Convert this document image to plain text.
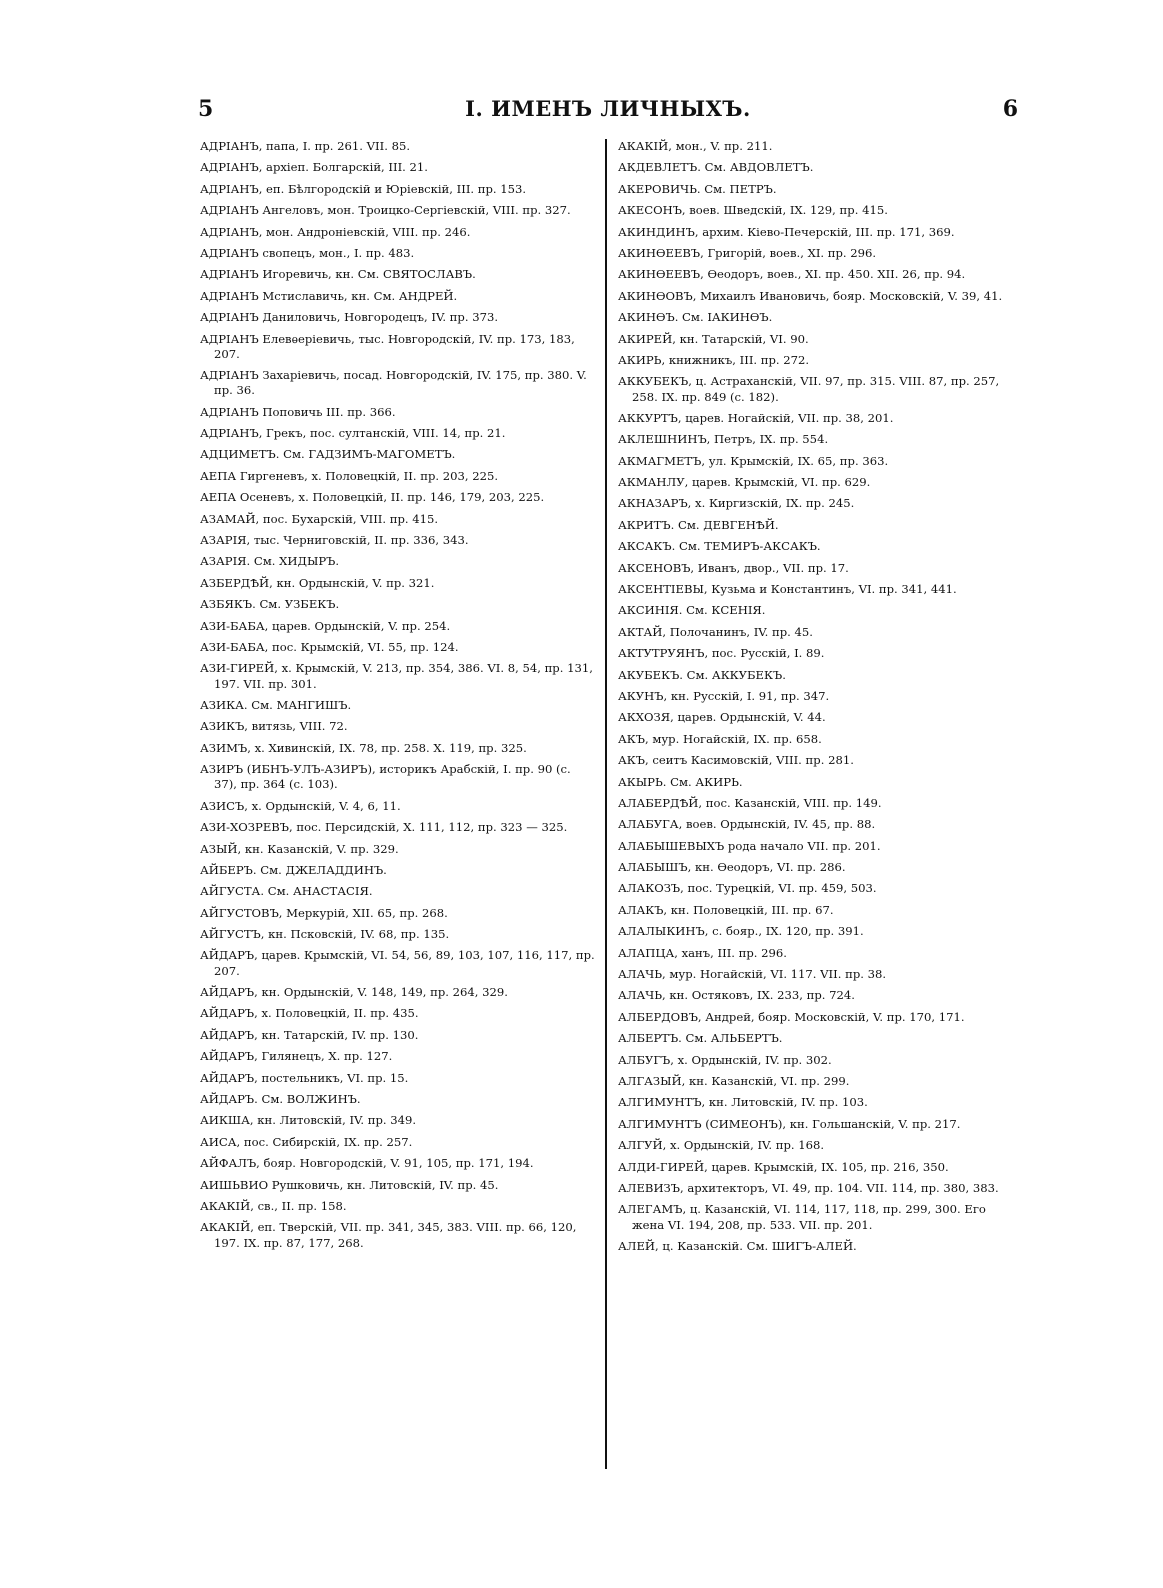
5	I. ИМЕНЪ ЛИЧНЫХЪ.	6

АДРІАНЪ, папа, I. пр. 261. VII. 85.

АДРІАНЪ, архіеп. Болгарскій, III. 21.

АДРІАНЪ, еп. Бѣлгородскій и Юріевскій, III. пр. 153.

АДРІАНЪ Ангеловъ, мон. Троицко-Сергіевскій, VIII. пр. 327.

АДРІАНЪ, мон. Андроніевскій, VIII. пр. 246.

АДРІАНЪ свопецъ, мон., I. пр. 483.

АДРІАНЪ Игоревичь, кн. См. СВЯТОСЛАВЪ.

АДРІАНЪ Мстиславичь, кн. См. АНДРЕЙ.

АДРІАНЪ Даниловичь, Новгородецъ, IV. пр. 373.

АДРІАНЪ Елевѳеріевичь, тыс. Новгородскій, IV. пр. 173, 183, 207.

АДРІАНЪ Захаріевичь, посад. Новгородскій, IV. 175, пр. 380. V. пр. 36.

АДРІАНЪ Поповичь III. пр. 366.

АДРІАНЪ, Грекъ, пос. султанскій, VIII. 14, пр. 21.

АДЦИМЕТЪ. См. ГАДЗИМЪ-МАГОМЕТЪ.

АЕПА Гиргеневъ, х. Половецкій, II. пр. 203, 225.

АЕПА Осеневъ, х. Половецкій, II. пр. 146, 179, 203, 225.

АЗАМАЙ, пос. Бухарскій, VIII. пр. 415.

АЗАРІЯ, тыс. Черниговскій, II. пр. 336, 343.

АЗАРІЯ. См. ХИДЫРЪ.

АЗБЕРДѢЙ, кн. Ордынскій, V. пр. 321.

АЗБЯКЪ. См. УЗБЕКЪ.

АЗИ-БАБА, царев. Ордынскій, V. пр. 254.

АЗИ-БАБА, пос. Крымскій, VI. 55, пр. 124.

АЗИ-ГИРЕЙ, х. Крымскій, V. 213, пр. 354, 386. VI. 8, 54, пр. 131, 197. VII. пр. 301.

АЗИКА. См. МАНГИШЪ.

АЗИКЪ, витязь, VIII. 72.

АЗИМЪ, х. Хивинскій, IX. 78, пр. 258. X. 119, пр. 325.

АЗИРЪ (ИБНЪ-УЛЪ-АЗИРЪ), историкъ Арабскій, I. пр. 90 (с. 37), пр. 364 (с. 103).

АЗИСЪ, х. Ордынскій, V. 4, 6, 11.

АЗИ-ХОЗРЕВЪ, пос. Персидскій, X. 111, 112, пр. 323 — 325.

АЗЫЙ, кн. Казанскій, V. пр. 329.

АЙБЕРЪ. См. ДЖЕЛАДДИНЪ.

АЙГУСТА. См. АНАСТАСІЯ.

АЙГУСТОВЪ, Меркурій, XII. 65, пр. 268.

АЙГУСТЪ, кн. Псковскій, IV. 68, пр. 135.

АЙДАРЪ, царев. Крымскій, VI. 54, 56, 89, 103, 107, 116, 117, пр. 207.

АЙДАРЪ, кн. Ордынскій, V. 148, 149, пр. 264, 329.

АЙДАРЪ, х. Половецкій, II. пр. 435.

АЙДАРЪ, кн. Татарскій, IV. пр. 130.

АЙДАРЪ, Гилянецъ, X. пр. 127.

АЙДАРЪ, постельникъ, VI. пр. 15.

АЙДАРЪ. См. ВОЛЖИНЪ.

АИКША, кн. Литовскій, IV. пр. 349.

АИСА, пос. Сибирскій, IX. пр. 257.

АЙФАЛЪ, бояр. Новгородскій, V. 91, 105, пр. 171, 194.

АИШЬВИО Рушковичь, кн. Литовскій, IV. пр. 45.

АКАКІЙ, св., II. пр. 158.

АКАКІЙ, еп. Тверскій, VII. пр. 341, 345, 383. VIII. пр. 66, 120, 197. IX. пр. 87, 177, 268.

АКАКІЙ, мон., V. пр. 211.

АКДЕВЛЕТЪ. См. АВДОВЛЕТЪ.

АКЕРОВИЧЬ. См. ПЕТРЪ.

АКЕСОНЪ, воев. Шведскій, IX. 129, пр. 415.

АКИНДИНЪ, архим. Кіево-Печерскій, III. пр. 171, 369.

АКИНѲЕЕВЪ, Григорій, воев., XI. пр. 296.

АКИНѲЕЕВЪ, Ѳеодоръ, воев., XI. пр. 450. XII. 26, пр. 94.

АКИНѲОВЪ, Михаилъ Ивановичь, бояр. Московскій, V. 39, 41.

АКИНѲЪ. См. ІАКИНѲЪ.

АКИРЕЙ, кн. Татарскій, VI. 90.

АКИРЬ, книжникъ, III. пр. 272.

АККУБЕКЪ, ц. Астраханскій, VII. 97, пр. 315. VIII. 87, пр. 257, 258. IX. пр. 849 (с. 182).

АККУРТЪ, царев. Ногайскій, VII. пр. 38, 201.

АКЛЕШНИНЪ, Петръ, IX. пр. 554.

АКМАГМЕТЪ, ул. Крымскій, IX. 65, пр. 363.

АКМАНЛУ, царев. Крымскій, VI. пр. 629.

АКНАЗАРЪ, х. Киргизскій, IX. пр. 245.

АКРИТЪ. См. ДЕВГЕНѢЙ.

АКСАКЪ. См. ТЕМИРЪ-АКСАКЪ.

АКСЕНОВЪ, Иванъ, двор., VII. пр. 17.

АКСЕНТІЕВЫ, Кузьма и Константинъ, VI. пр. 341, 441.

АКСИНІЯ. См. КСЕНІЯ.

АКТАЙ, Полочанинъ, IV. пр. 45.

АКТУТРУЯНЪ, пос. Русскій, I. 89.

АКУБЕКЪ. См. АККУБЕКЪ.

АКУНЪ, кн. Русскій, I. 91, пр. 347.

АКХОЗЯ, царев. Ордынскій, V. 44.

АКЪ, мур. Ногайскій, IX. пр. 658.

АКЪ, сеитъ Касимовскій, VIII. пр. 281.

АКЫРЬ. См. АКИРЬ.

АЛАБЕРДѢЙ, пос. Казанскій, VIII. пр. 149.

АЛАБУГА, воев. Ордынскій, IV. 45, пр. 88.

АЛАБЫШЕВЫХЪ рода начало VII. пр. 201.

АЛАБЫШЪ, кн. Ѳеодоръ, VI. пр. 286.

АЛАКОЗЪ, пос. Турецкій, VI. пр. 459, 503.

АЛАКЪ, кн. Половецкій, III. пр. 67.

АЛАЛЫКИНЪ, с. бояр., IX. 120, пр. 391.

АЛАПЦА, ханъ, III. пр. 296.

АЛАЧЬ, мур. Ногайскій, VI. 117. VII. пр. 38.

АЛАЧЬ, кн. Остяковъ, IX. 233, пр. 724.

АЛБЕРДОВЪ, Андрей, бояр. Московскій, V. пр. 170, 171.

АЛБЕРТЪ. См. АЛЬБЕРТЪ.

АЛБУГЪ, х. Ордынскій, IV. пр. 302.

АЛГАЗЫЙ, кн. Казанскій, VI. пр. 299.

АЛГИМУНТЪ, кн. Литовскій, IV. пр. 103.

АЛГИМУНТЪ (СИМЕОНЪ), кн. Гольшанскій, V. пр. 217.

АЛГУЙ, х. Ордынскій, IV. пр. 168.

АЛДИ-ГИРЕЙ, царев. Крымскій, IX. 105, пр. 216, 350.

АЛЕВИЗЪ, архитекторъ, VI. 49, пр. 104. VII. 114, пр. 380, 383.

АЛЕГАМЪ, ц. Казанскій, VI. 114, 117, 118, пр. 299, 300. Его жена VI. 194, 208, пр. 533. VII. пр. 201.

АЛЕЙ, ц. Казанскій. См. ШИГЪ-АЛЕЙ.
